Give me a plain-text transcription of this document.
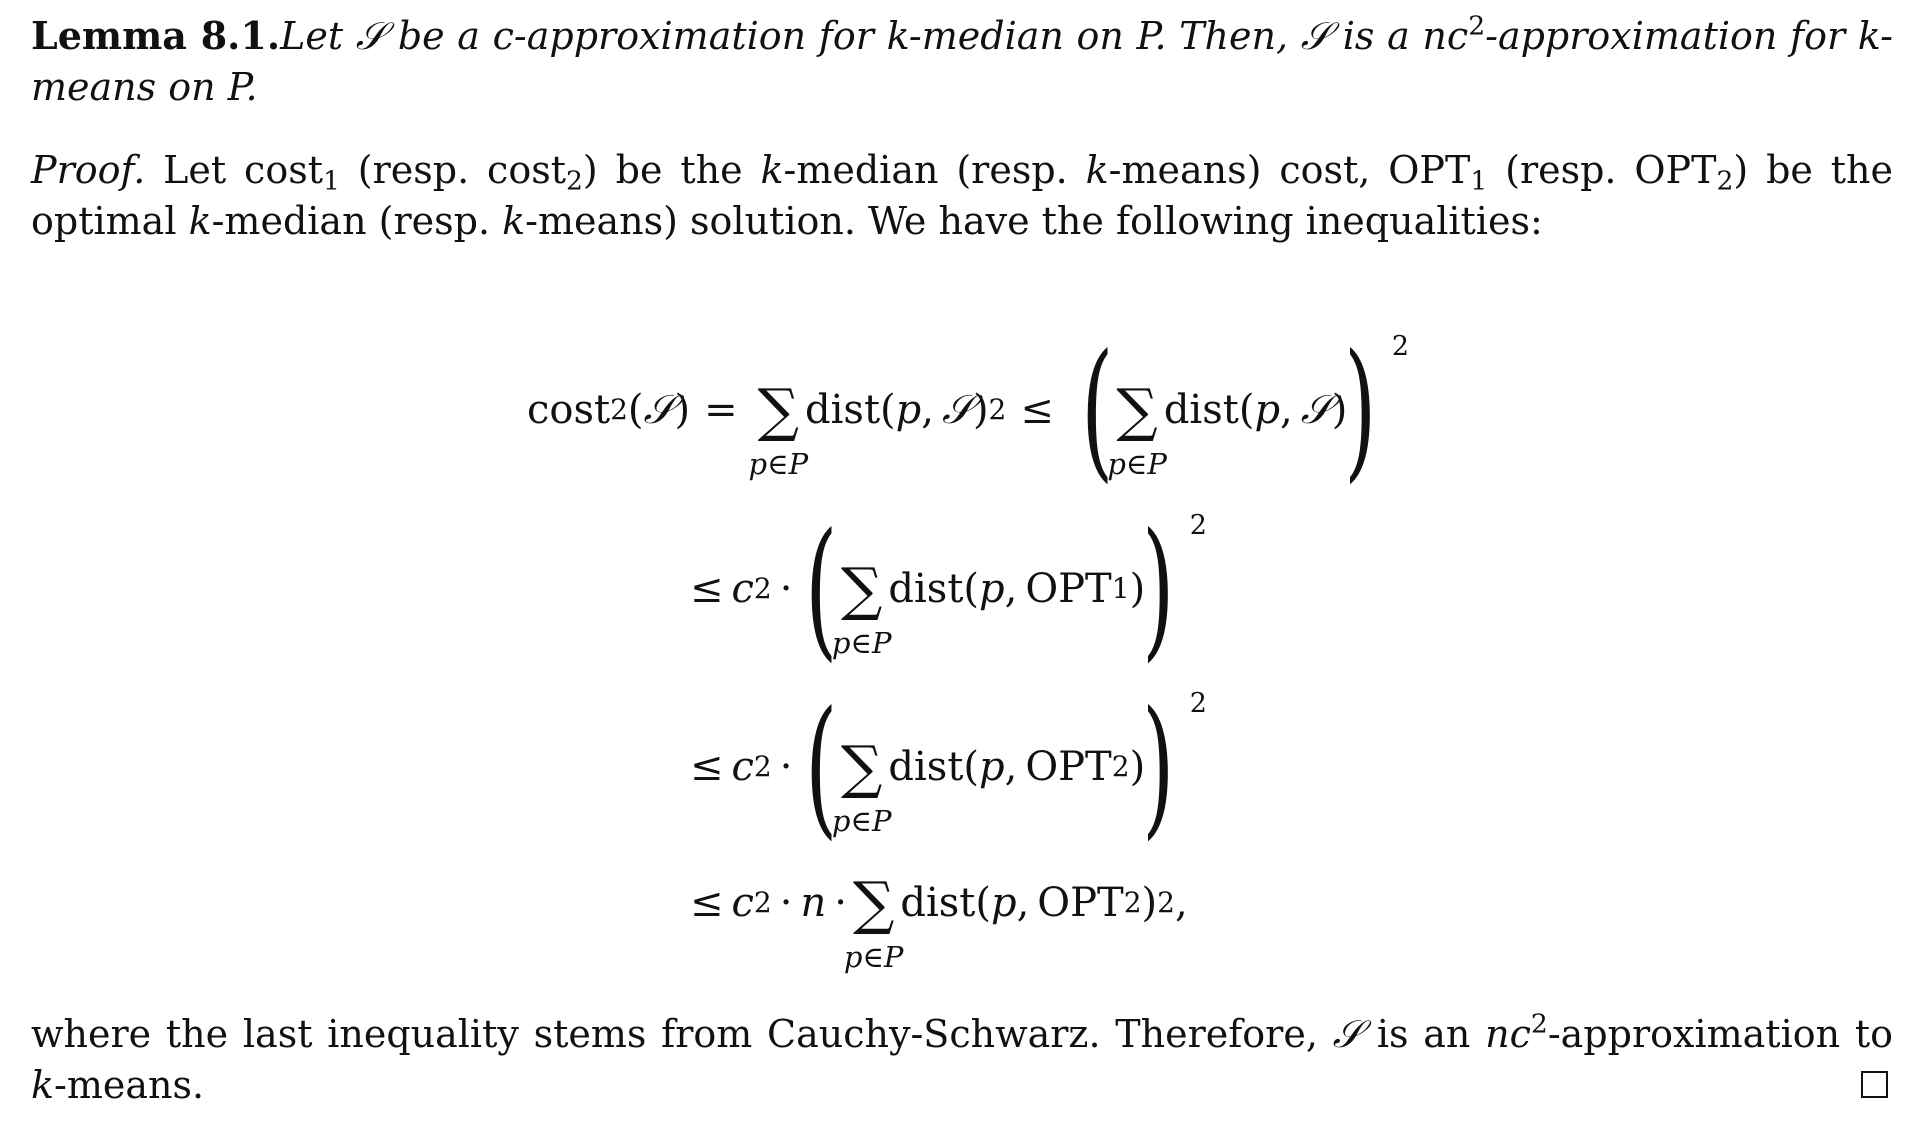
Lemma 8.1.Let 𝒮 be a c-approximation for k-median on P. Then, 𝒮 is a $nc^2$-approximation for k-means on P.

Proof. Let cost1 (resp. cost2) be the k-median (resp. k-means) cost, OPT1 (resp. OPT2) be the optimal k-median (resp. k-means) solution. We have the following inequalities:

cost 2 ( 𝒮 ) = ∑
p∈P
dist ( p , 𝒮 ) 2 ≤ ( ∑
p∈P
dist ( p , 𝒮 )
) 2
≤ c 2 · ( ∑
p∈P
dist ( p , OPT 1 )
) 2
≤ c 2 · ( ∑
p∈P
dist ( p , OPT 2 )
) 2
≤ c 2 · n · ∑
p∈P
dist ( p , OPT 2 ) 2 ,

where the last inequality stems from Cauchy-Schwarz. Therefore, 𝒮 is an $nc^2$-approximation to k-means.
